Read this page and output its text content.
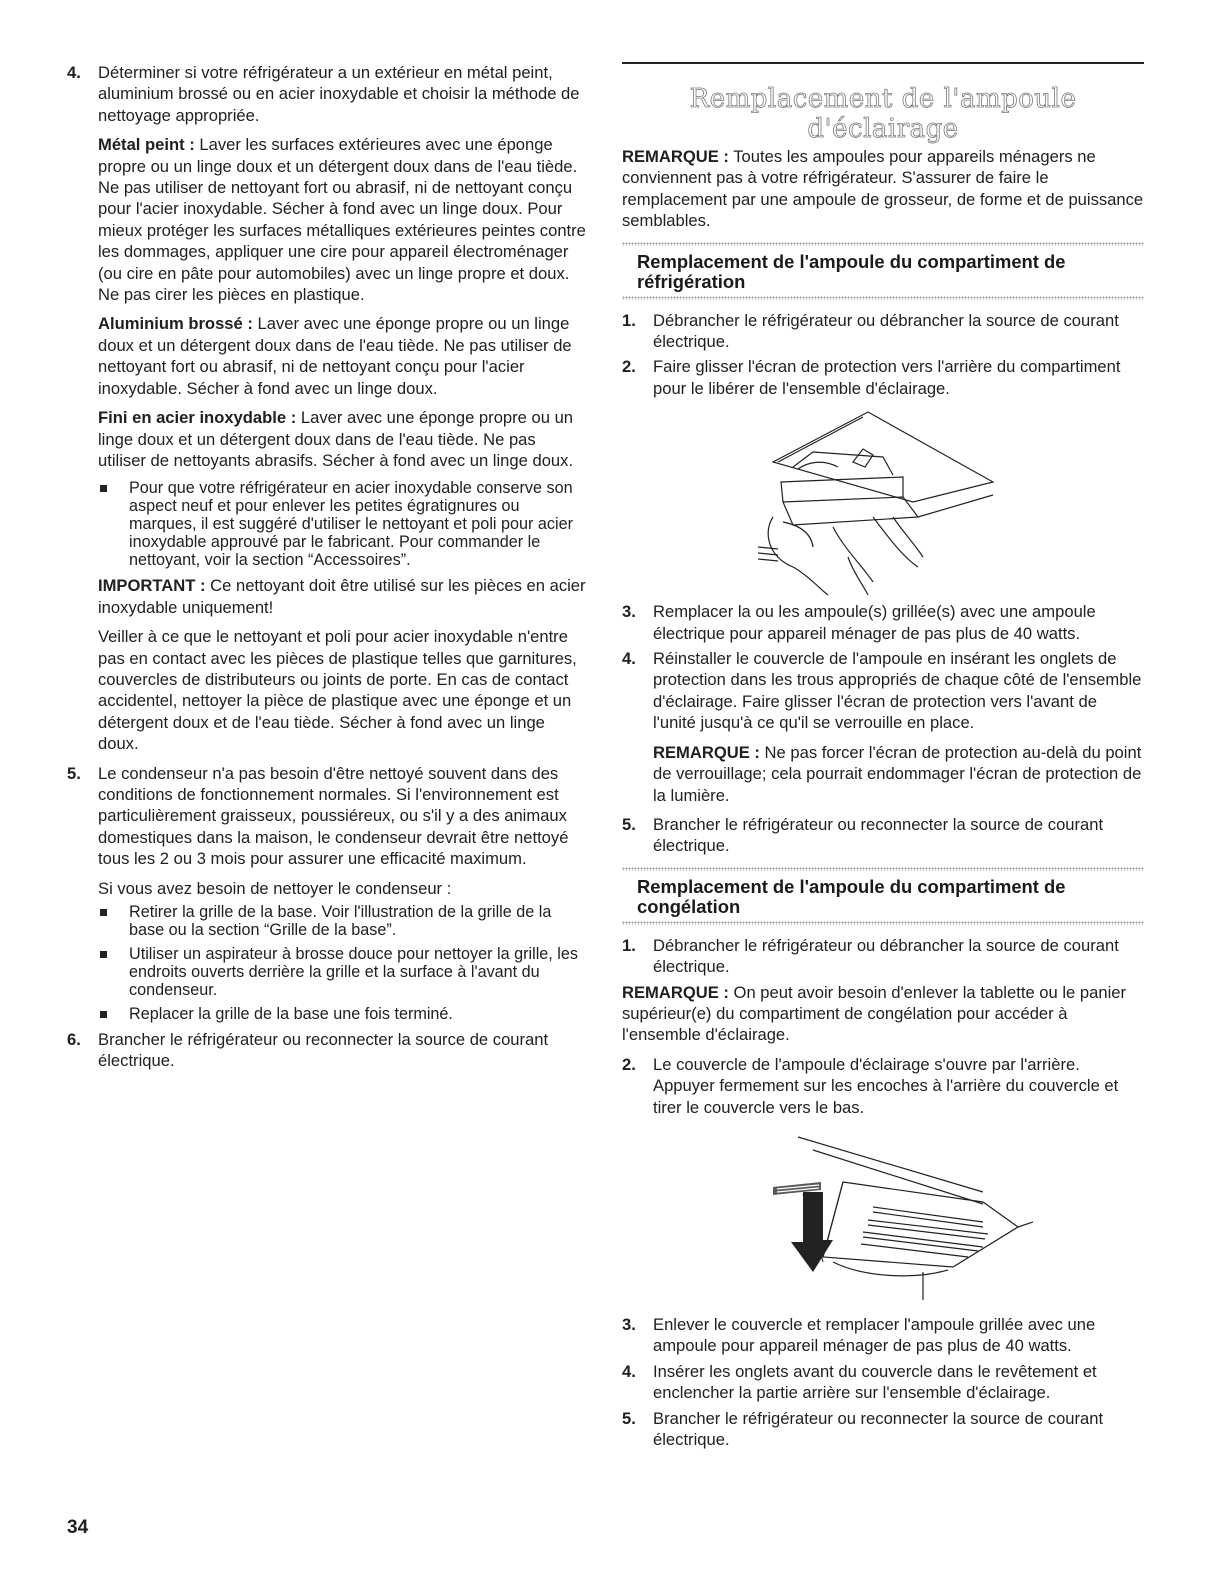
4. Déterminer si votre réfrigérateur a un extérieur en métal peint, aluminium brossé ou en acier inoxydable et choisir la méthode de nettoyage appropriée.

Métal peint : Laver les surfaces extérieures avec une éponge propre ou un linge doux et un détergent doux dans de l'eau tiède. Ne pas utiliser de nettoyant fort ou abrasif, ni de nettoyant conçu pour l'acier inoxydable. Sécher à fond avec un linge doux. Pour mieux protéger les surfaces métalliques extérieures peintes contre les dommages, appliquer une cire pour appareil électroménager (ou cire en pâte pour automobiles) avec un linge propre et doux. Ne pas cirer les pièces en plastique.

Aluminium brossé : Laver avec une éponge propre ou un linge doux et un détergent doux dans de l'eau tiède. Ne pas utiliser de nettoyant fort ou abrasif, ni de nettoyant conçu pour l'acier inoxydable. Sécher à fond avec un linge doux.

Fini en acier inoxydable : Laver avec une éponge propre ou un linge doux et un détergent doux dans de l'eau tiède. Ne pas utiliser de nettoyants abrasifs. Sécher à fond avec un linge doux.

Pour que votre réfrigérateur en acier inoxydable conserve son aspect neuf et pour enlever les petites égratignures ou marques, il est suggéré d'utiliser le nettoyant et poli pour acier inoxydable approuvé par le fabricant. Pour commander le nettoyant, voir la section “Accessoires”.

IMPORTANT : Ce nettoyant doit être utilisé sur les pièces en acier inoxydable uniquement!

Veiller à ce que le nettoyant et poli pour acier inoxydable n'entre pas en contact avec les pièces de plastique telles que garnitures, couvercles de distributeurs ou joints de porte. En cas de contact accidentel, nettoyer la pièce de plastique avec une éponge et un détergent doux et de l'eau tiède. Sécher à fond avec un linge doux.

5. Le condenseur n'a pas besoin d'être nettoyé souvent dans des conditions de fonctionnement normales. Si l'environnement est particulièrement graisseux, poussiéreux, ou s'il y a des animaux domestiques dans la maison, le condenseur devrait être nettoyé tous les 2 ou 3 mois pour assurer une efficacité maximum.

Si vous avez besoin de nettoyer le condenseur :

Retirer la grille de la base. Voir l'illustration de la grille de la base ou la section “Grille de la base”.
Utiliser un aspirateur à brosse douce pour nettoyer la grille, les endroits ouverts derrière la grille et la surface à l'avant du condenseur.
Replacer la grille de la base une fois terminé.
6. Brancher le réfrigérateur ou reconnecter la source de courant électrique.

Remplacement de l'ampoule d'éclairage

REMARQUE : Toutes les ampoules pour appareils ménagers ne conviennent pas à votre réfrigérateur. S'assurer de faire le remplacement par une ampoule de grosseur, de forme et de puissance semblables.

Remplacement de l'ampoule du compartiment de réfrigération
1. Débrancher le réfrigérateur ou débrancher la source de courant électrique.

2. Faire glisser l'écran de protection vers l'arrière du compartiment pour le libérer de l'ensemble d'éclairage.

3. Remplacer la ou les ampoule(s) grillée(s) avec une ampoule électrique pour appareil ménager de pas plus de 40 watts.

4. Réinstaller le couvercle de l'ampoule en insérant les onglets de protection dans les trous appropriés de chaque côté de l'ensemble d'éclairage. Faire glisser l'écran de protection vers l'avant de l'unité jusqu'à ce qu'il se verrouille en place.

REMARQUE : Ne pas forcer l'écran de protection au-delà du point de verrouillage; cela pourrait endommager l'écran de protection de la lumière.

5. Brancher le réfrigérateur ou reconnecter la source de courant électrique.

Remplacement de l'ampoule du compartiment de congélation
1. Débrancher le réfrigérateur ou débrancher la source de courant électrique.

REMARQUE : On peut avoir besoin d'enlever la tablette ou le panier supérieur(e) du compartiment de congélation pour accéder à l'ensemble d'éclairage.

2. Le couvercle de l'ampoule d'éclairage s'ouvre par l'arrière. Appuyer fermement sur les encoches à l'arrière du couvercle et tirer le couvercle vers le bas.

3. Enlever le couvercle et remplacer l'ampoule grillée avec une ampoule pour appareil ménager de pas plus de 40 watts.

4. Insérer les onglets avant du couvercle dans le revêtement et enclencher la partie arrière sur l'ensemble d'éclairage.

5. Brancher le réfrigérateur ou reconnecter la source de courant électrique.

34
